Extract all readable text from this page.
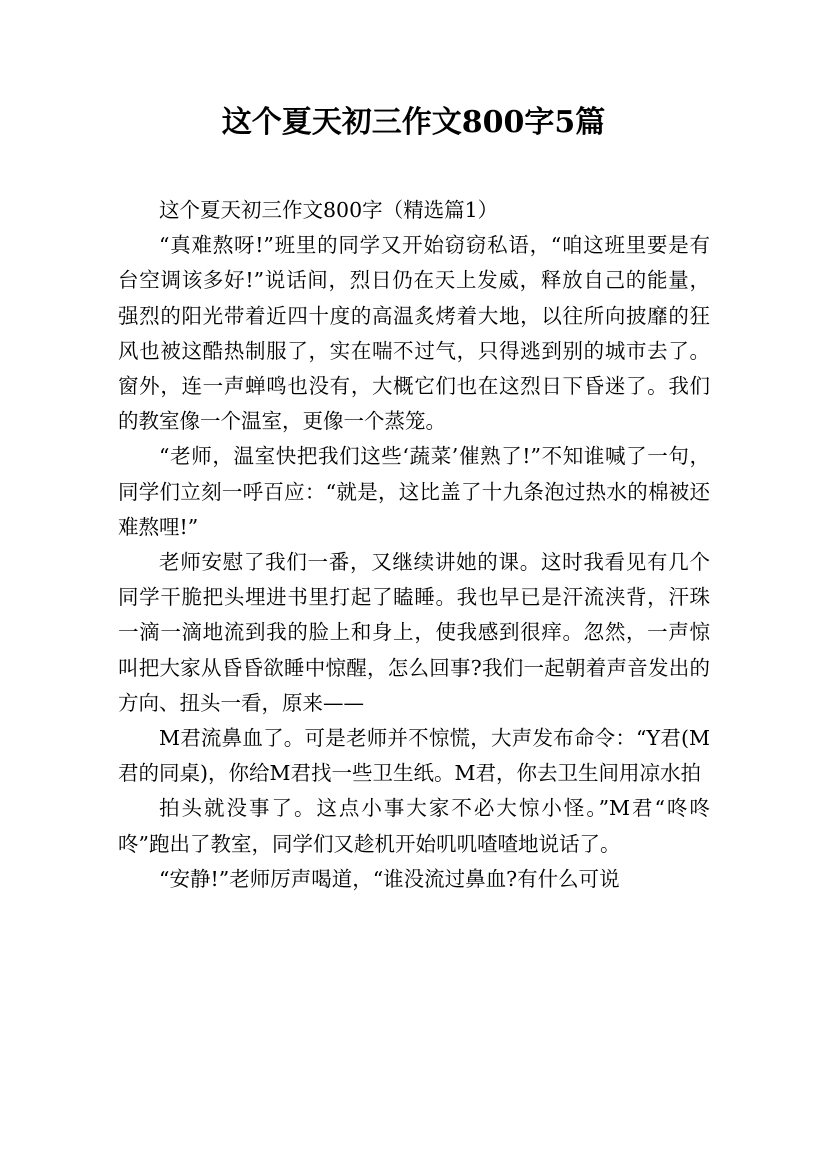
这个夏天初三作文800字5篇

这个夏天初三作文800字（精选篇1）

“真难熬呀!”班里的同学又开始窃窃私语，“咱这班里要是有台空调该多好!”说话间，烈日仍在天上发威，释放自己的能量，强烈的阳光带着近四十度的高温炙烤着大地，以往所向披靡的狂风也被这酷热制服了，实在喘不过气，只得逃到别的城市去了。窗外，连一声蝉鸣也没有，大概它们也在这烈日下昏迷了。我们的教室像一个温室，更像一个蒸笼。

“老师，温室快把我们这些‘蔬菜’催熟了!”不知谁喊了一句，同学们立刻一呼百应：“就是，这比盖了十九条泡过热水的棉被还难熬哩!”

老师安慰了我们一番，又继续讲她的课。这时我看见有几个同学干脆把头埋进书里打起了瞌睡。我也早已是汗流浃背，汗珠一滴一滴地流到我的脸上和身上，使我感到很痒。忽然，一声惊叫把大家从昏昏欲睡中惊醒，怎么回事?我们一起朝着声音发出的方向、扭头一看，原来——

M君流鼻血了。可是老师并不惊慌，大声发布命令：“Y君(M君的同桌)，你给M君找一些卫生纸。M君，你去卫生间用凉水拍

拍头就没事了。这点小事大家不必大惊小怪。”M君“咚咚咚”跑出了教室，同学们又趁机开始叽叽喳喳地说话了。

“安静!”老师厉声喝道，“谁没流过鼻血?有什么可说
